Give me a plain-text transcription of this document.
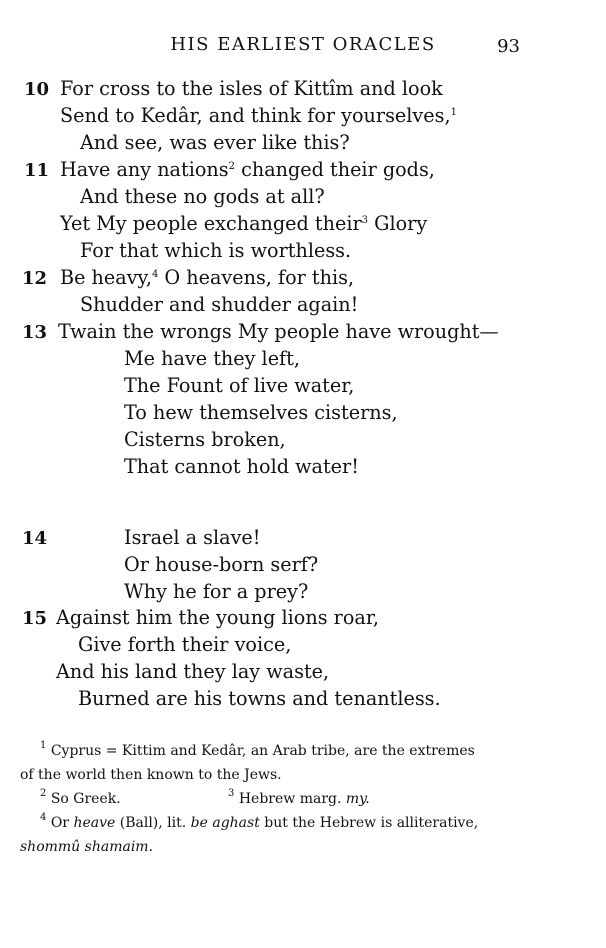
HIS EARLIEST ORACLES	93
10 For cross to the isles of Kittîm and look
Send to Kedâr, and think for yourselves,$^1$
And see, was ever like this?
11 Have any nations$^2$ changed their gods,
And these no gods at all?
Yet My people exchanged their$^3$ Glory
For that which is worthless.
12 Be heavy,$^4$ O heavens, for this,
Shudder and shudder again!
13 Twain the wrongs My people have wrought—
Me have they left,
The Fount of live water,
To hew themselves cisterns,
Cisterns broken,
That cannot hold water!
14	Israel a slave!
Or house-born serf?
Why he for a prey?
15 Against him the young lions roar,
Give forth their voice,
And his land they lay waste,
Burned are his towns and tenantless.
$^1$ Cyprus = Kittim and Kedâr, an Arab tribe, are the extremes
of the world then known to the Jews.
$^2$ So Greek.	$^3$ Hebrew marg. my.
$^4$ Or heave (Ball), lit. be aghast but the Hebrew is alliterative,
shommû shamaim.
